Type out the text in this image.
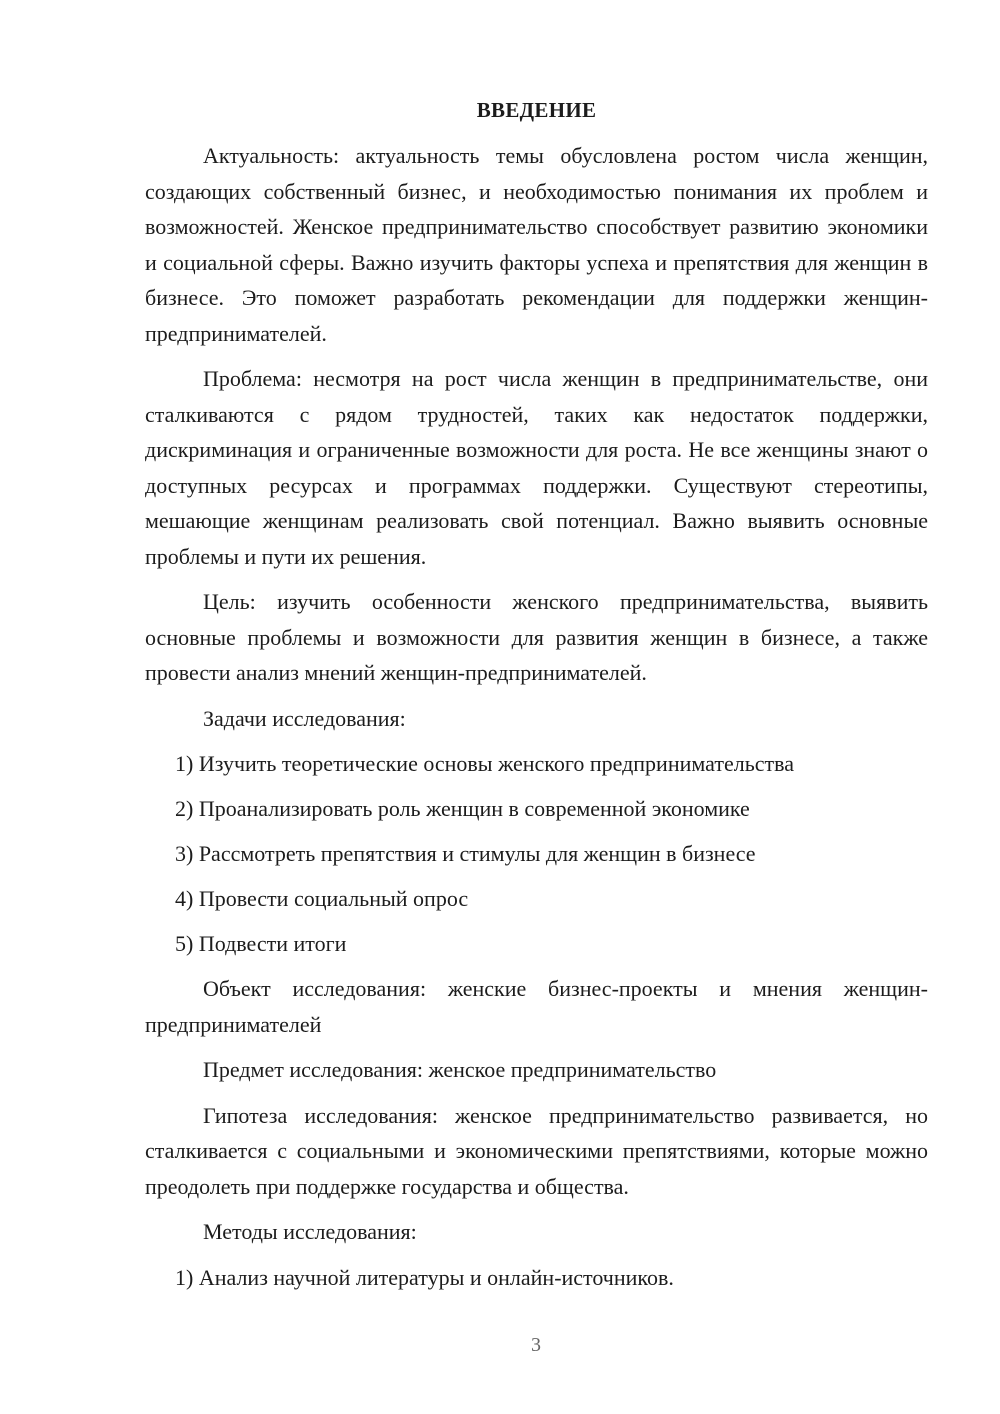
ВВЕДЕНИЕ

Актуальность: актуальность темы обусловлена ростом числа женщин, создающих собственный бизнес, и необходимостью понимания их проблем и возможностей. Женское предпринимательство способствует развитию экономики и социальной сферы. Важно изучить факторы успеха и препятствия для женщин в бизнесе. Это поможет разработать рекомендации для поддержки женщин-предпринимателей.

Проблема: несмотря на рост числа женщин в предпринимательстве, они сталкиваются с рядом трудностей, таких как недостаток поддержки, дискриминация и ограниченные возможности для роста. Не все женщины знают о доступных ресурсах и программах поддержки. Существуют стереотипы, мешающие женщинам реализовать свой потенциал. Важно выявить основные проблемы и пути их решения.

Цель: изучить особенности женского предпринимательства, выявить основные проблемы и возможности для развития женщин в бизнесе, а также провести анализ мнений женщин-предпринимателей.

Задачи исследования:

1) Изучить теоретические основы женского предпринимательства
2) Проанализировать роль женщин в современной экономике
3) Рассмотреть препятствия и стимулы для женщин в бизнесе
4) Провести социальный опрос
5) Подвести итоги

Объект исследования: женские бизнес-проекты и мнения женщин-предпринимателей

Предмет исследования: женское предпринимательство

Гипотеза исследования: женское предпринимательство развивается, но сталкивается с социальными и экономическими препятствиями, которые можно преодолеть при поддержке государства и общества.

Методы исследования:

1) Анализ научной литературы и онлайн-источников.
3
